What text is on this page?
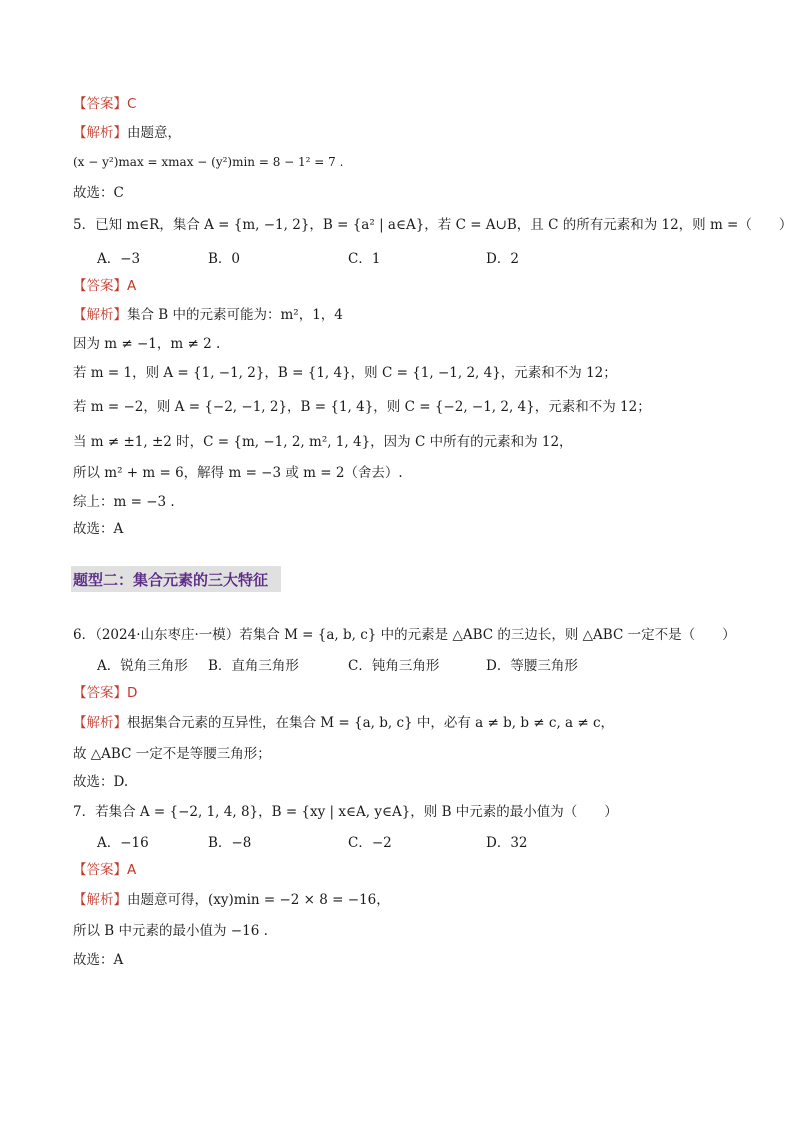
【答案】C
【解析】由题意，
(x − y²)max = xmax − (y²)min = 8 − 1² = 7 .
故选：C
5．已知 m∈R，集合 A = {m, −1, 2}，B = {a² | a∈A}，若 C = A∪B，且 C 的所有元素和为 12，则 m =（　　）
A．−3	B．0	C．1	D．2
【答案】A
【解析】集合 B 中的元素可能为：m²，1，4
因为 m ≠ −1，m ≠ 2 .
若 m = 1，则 A = {1, −1, 2}，B = {1, 4}，则 C = {1, −1, 2, 4}，元素和不为 12；
若 m = −2，则 A = {−2, −1, 2}，B = {1, 4}，则 C = {−2, −1, 2, 4}，元素和不为 12；
当 m ≠ ±1, ±2 时，C = {m, −1, 2, m², 1, 4}，因为 C 中所有的元素和为 12，
所以 m² + m = 6，解得 m = −3 或 m = 2（舍去）.
综上：m = −3 .
故选：A
题型二：集合元素的三大特征
6．（2024·山东枣庄·一模）若集合 M = {a, b, c} 中的元素是 △ABC 的三边长，则 △ABC 一定不是（　　）
A．锐角三角形 B．直角三角形	C．钝角三角形	D．等腰三角形
【答案】D
【解析】根据集合元素的互异性，在集合 M = {a, b, c} 中，必有 a ≠ b, b ≠ c, a ≠ c，
故 △ABC 一定不是等腰三角形；
故选：D.
7．若集合 A = {−2, 1, 4, 8}，B = {xy | x∈A, y∈A}，则 B 中元素的最小值为（　　）
A．−16	B．−8	C．−2	D．32
【答案】A
【解析】由题意可得，(xy)min = −2 × 8 = −16，
所以 B 中元素的最小值为 −16 .
故选：A
